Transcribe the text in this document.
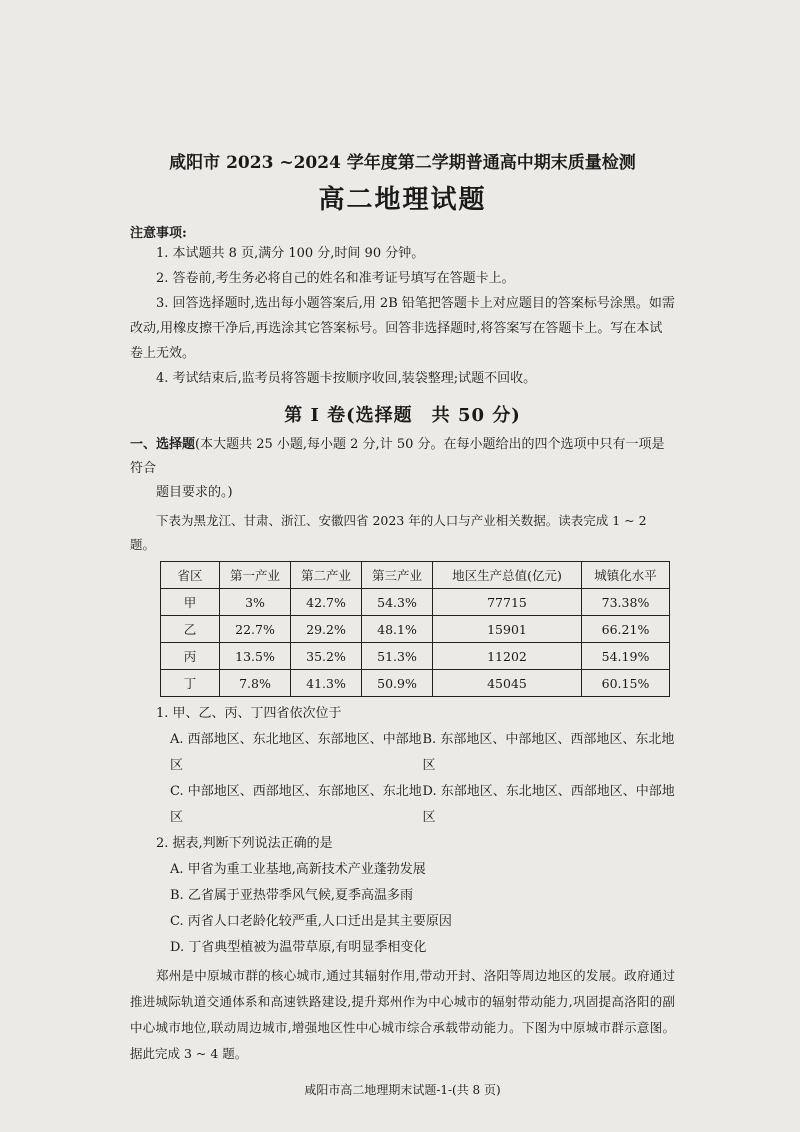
咸阳市 2023 ~2024 学年度第二学期普通高中期末质量检测
高二地理试题
注意事项:

1. 本试题共 8 页,满分 100 分,时间 90 分钟。

2. 答卷前,考生务必将自己的姓名和准考证号填写在答题卡上。

3. 回答选择题时,选出每小题答案后,用 2B 铅笔把答题卡上对应题目的答案标号涂黑。如需

改动,用橡皮擦干净后,再选涂其它答案标号。回答非选择题时,将答案写在答题卡上。写在本试

卷上无效。

4. 考试结束后,监考员将答题卡按顺序收回,装袋整理;试题不回收。

第 Ⅰ 卷(选择题　共 50 分)
一、选择题(本大题共 25 小题,每小题 2 分,计 50 分。在每小题给出的四个选项中只有一项是符合
题目要求的。)
下表为黑龙江、甘肃、浙江、安徽四省 2023 年的人口与产业相关数据。读表完成 1 ~ 2 题。
省区	第一产业	第二产业	第三产业	地区生产总值(亿元)	城镇化水平
甲	3%	42.7%	54.3%	77715	73.38%
乙	22.7%	29.2%	48.1%	15901	66.21%
丙	13.5%	35.2%	51.3%	11202	54.19%
丁	7.8%	41.3%	50.9%	45045	60.15%
1. 甲、乙、丙、丁四省依次位于
A. 西部地区、东北地区、东部地区、中部地区
B. 东部地区、中部地区、西部地区、东北地区
C. 中部地区、西部地区、东部地区、东北地区
D. 东部地区、东北地区、西部地区、中部地区
2. 据表,判断下列说法正确的是
A. 甲省为重工业基地,高新技术产业蓬勃发展
B. 乙省属于亚热带季风气候,夏季高温多雨
C. 丙省人口老龄化较严重,人口迁出是其主要原因
D. 丁省典型植被为温带草原,有明显季相变化
郑州是中原城市群的核心城市,通过其辐射作用,带动开封、洛阳等周边地区的发展。政府通过推进城际轨道交通体系和高速铁路建设,提升郑州作为中心城市的辐射带动能力,巩固提高洛阳的副中心城市地位,联动周边城市,增强地区性中心城市综合承载带动能力。下图为中原城市群示意图。据此完成 3 ~ 4 题。
咸阳市高二地理期末试题-1-(共 8 页)
